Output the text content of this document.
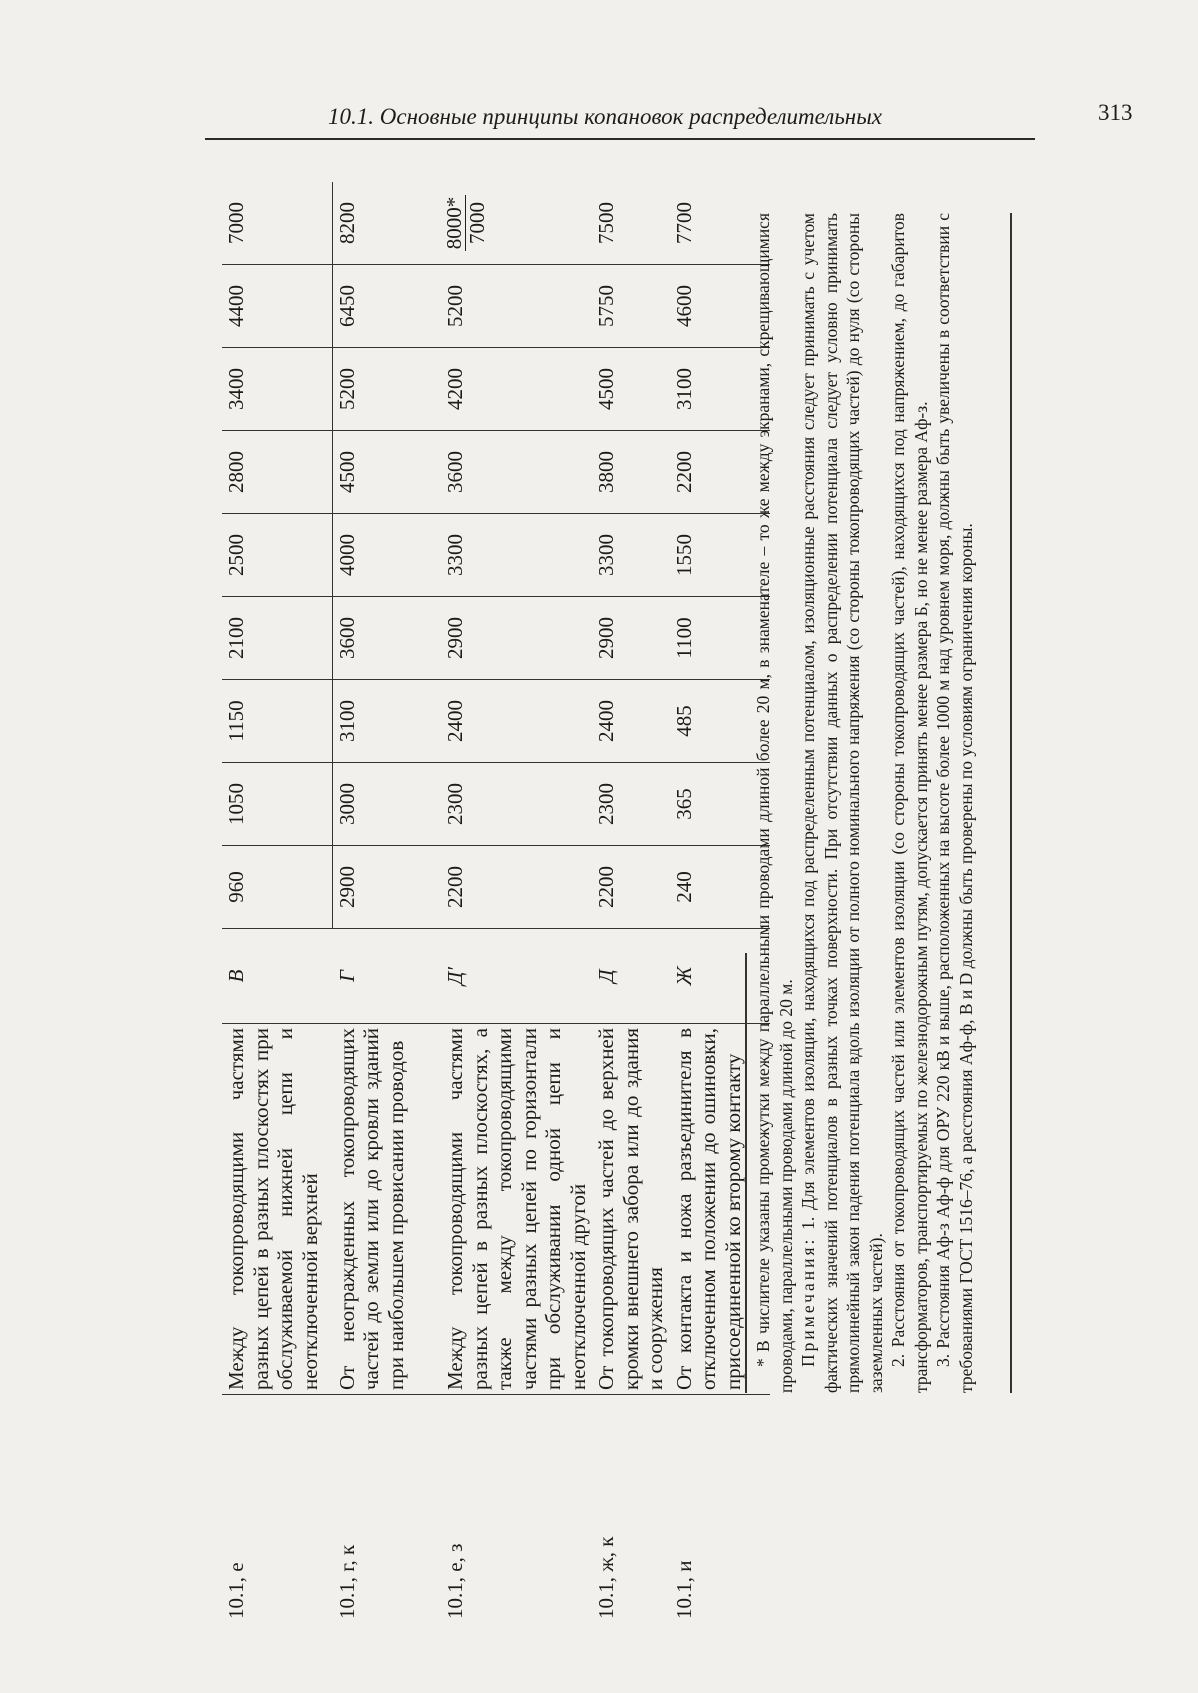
10.1, е	Между токопроводящими частями разных цепей в разных плоскостях при обслуживаемой нижней цепи и неотключенной верхней	В	960	1050	1150	2100	2500	2800	3400	4400	7000
10.1, г, к	От неогражденных токопроводящих частей до земли или до кровли зданий при наибольшем провисании проводов	Г	2900	3000	3100	3600	4000	4500	5200	6450	8200
10.1, е, з	Между токопроводящими частями разных цепей в разных плоскостях, а также между токопроводящими частями разных цепей по горизонтали при обслуживании одной цепи и неотключенной другой	Д′	2200	2300	2400	2900	3300	3600	4200	5200	8000* 7000
10.1, ж, к	От токопроводящих частей до верхней кромки внешнего забора или до здания и сооружения	Д	2200	2300	2400	2900	3300	3800	4500	5750	7500
10.1, и	От контакта и ножа разъединителя в отключенном положении до ошиновки, присоединенной ко второму контакту	Ж	240	365	485	1100	1550	2200	3100	4600	7700	* В числителе указаны промежутки между параллельными проводами длиной более 20 м, в знаменателе – то же между экранами, скрещивающимися проводами, параллельными проводами длиной до 20 м. Примечания: 1. Для элементов изоляции, находящихся под распределенным потенциалом, изоляционные расстояния следует принимать с учетом фактических значений потенциалов в разных точках поверхности. При отсутствии данных о распределении потенциала следует условно принимать прямолинейный закон падения потенциала вдоль изоляции от полного номинального напряжения (со стороны токопроводящих частей) до нуля (со стороны заземленных частей). 2. Расстояния от токопроводящих частей или элементов изоляции (со стороны токопроводящих частей), находящихся под напряжением, до габаритов трансформаторов, транспортируемых по железнодорожным путям, допускается принять менее размера Б, но не менее размера Aф-з. 3. Расстояния Aф-з Aф-ф для ОРУ 220 кВ и выше, расположенных на высоте более 1000 м над уровнем моря, должны быть увеличены в соответствии с требованиями ГОСТ 1516–76, а расстояния Aф-ф, В и D должны быть проверены по условиям ограничения короны.

313
10.1. Основные принципы копановок распределительных
